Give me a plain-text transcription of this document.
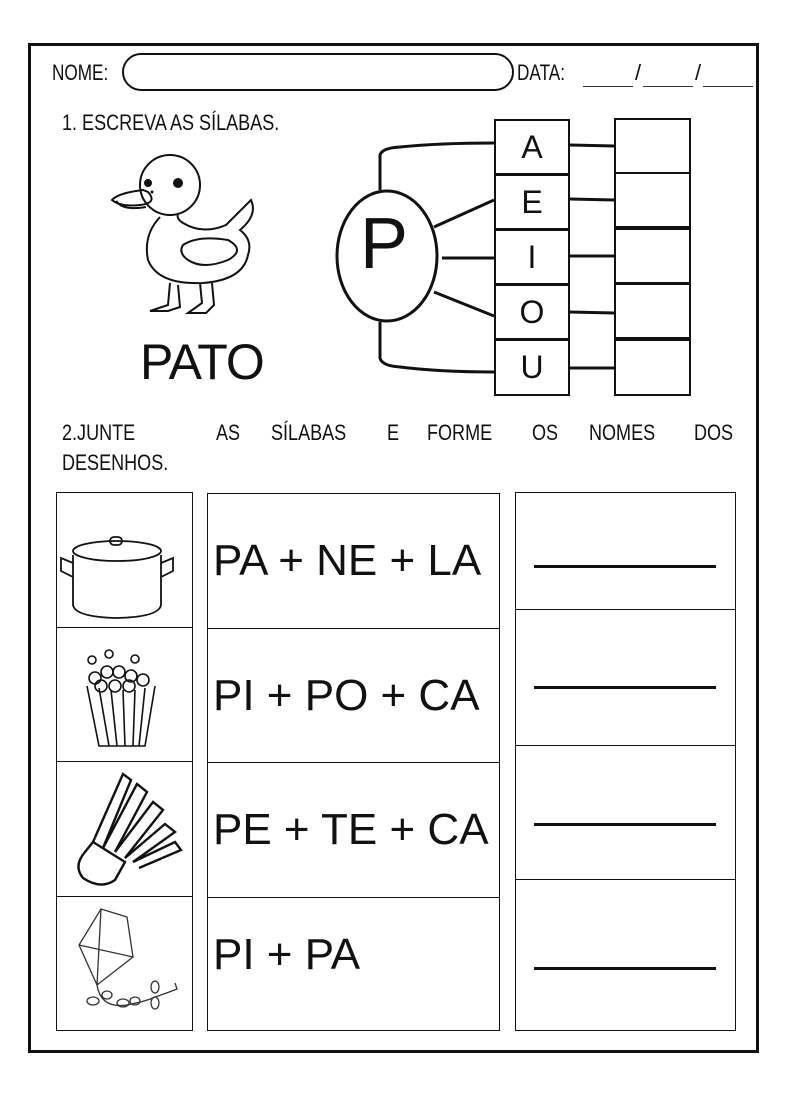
NOME:	DATA:	/ /
1. ESCREVA AS SÍLABAS.
PATO
P
A
E
I
O
U
2.JUNTE	AS SÍLABAS E FORME OS NOMES DOS
DESENHOS.
PA + NE + LA
PI + PO + CA
PE + TE + CA
PI + PA
